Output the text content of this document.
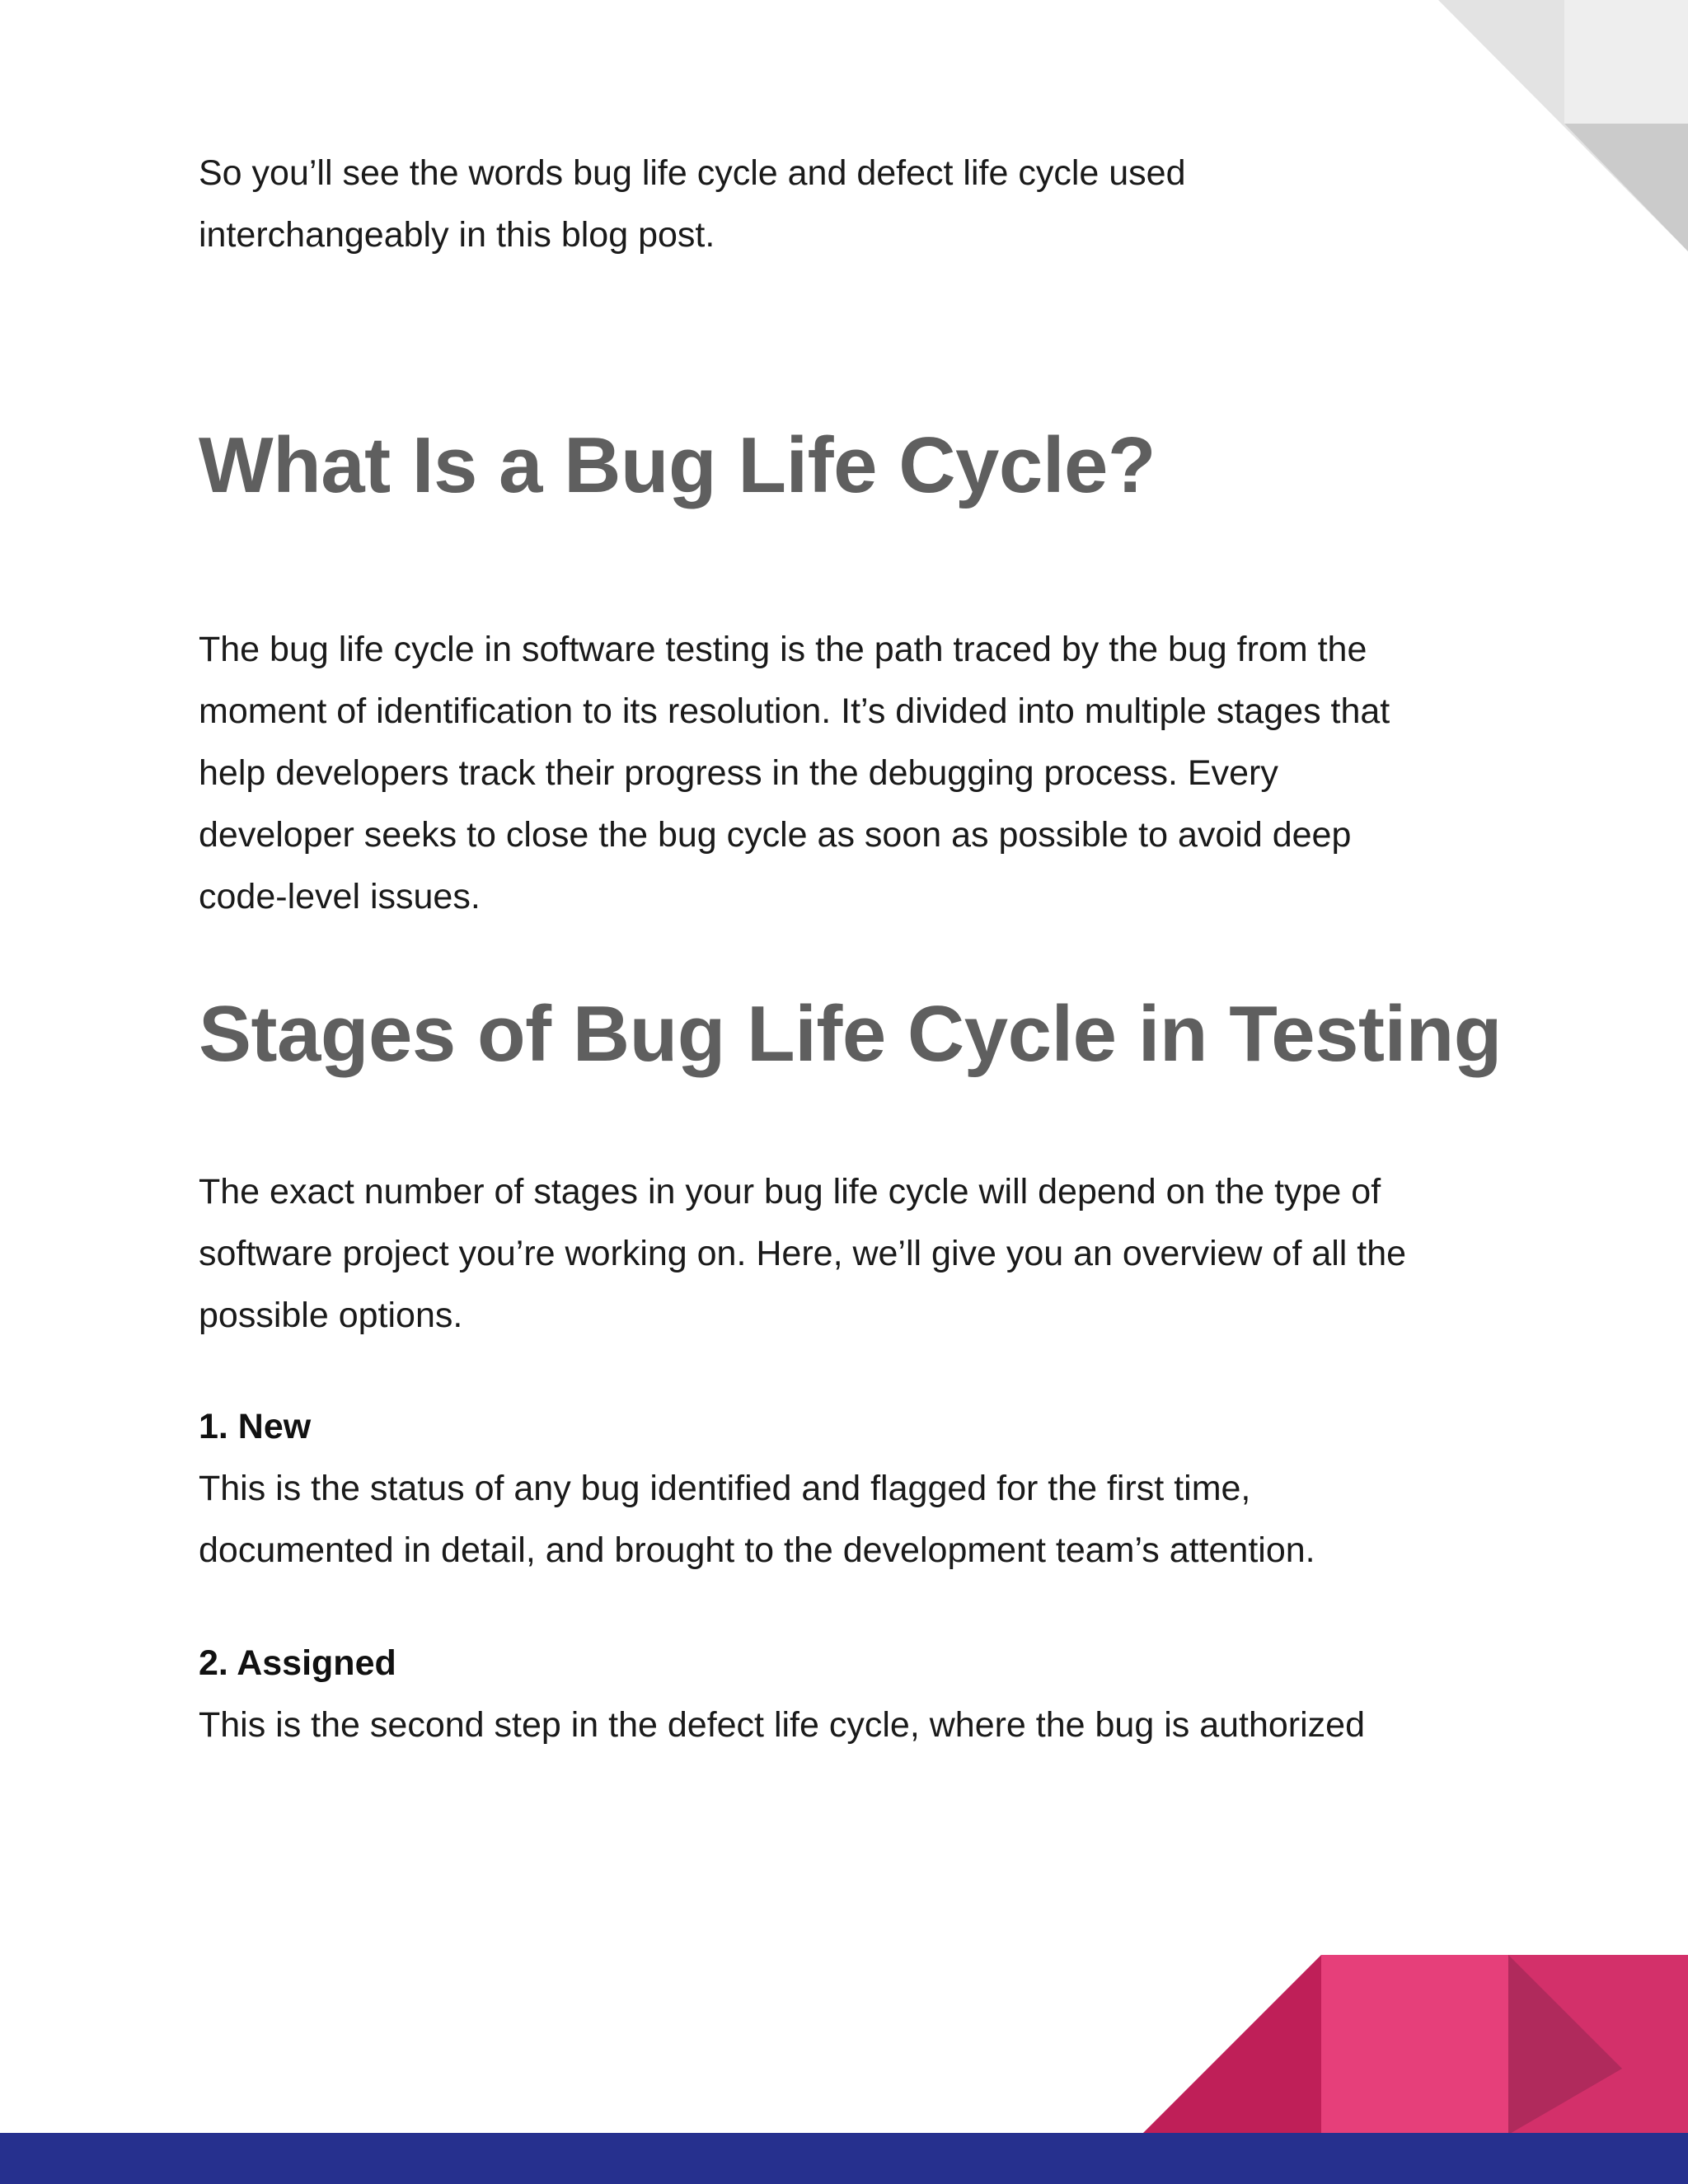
So you’ll see the words bug life cycle and defect life cycle used
interchangeably in this blog post.

What Is a Bug Life Cycle?

The bug life cycle in software testing is the path traced by the bug from the
moment of identification to its resolution. It’s divided into multiple stages that
help developers track their progress in the debugging process. Every
developer seeks to close the bug cycle as soon as possible to avoid deep
code-level issues.

Stages of Bug Life Cycle in Testing

The exact number of stages in your bug life cycle will depend on the type of
software project you’re working on. Here, we’ll give you an overview of all the
possible options.

1. New

This is the status of any bug identified and flagged for the first time,
documented in detail, and brought to the development team’s attention.

2. Assigned

This is the second step in the defect life cycle, where the bug is authorized
